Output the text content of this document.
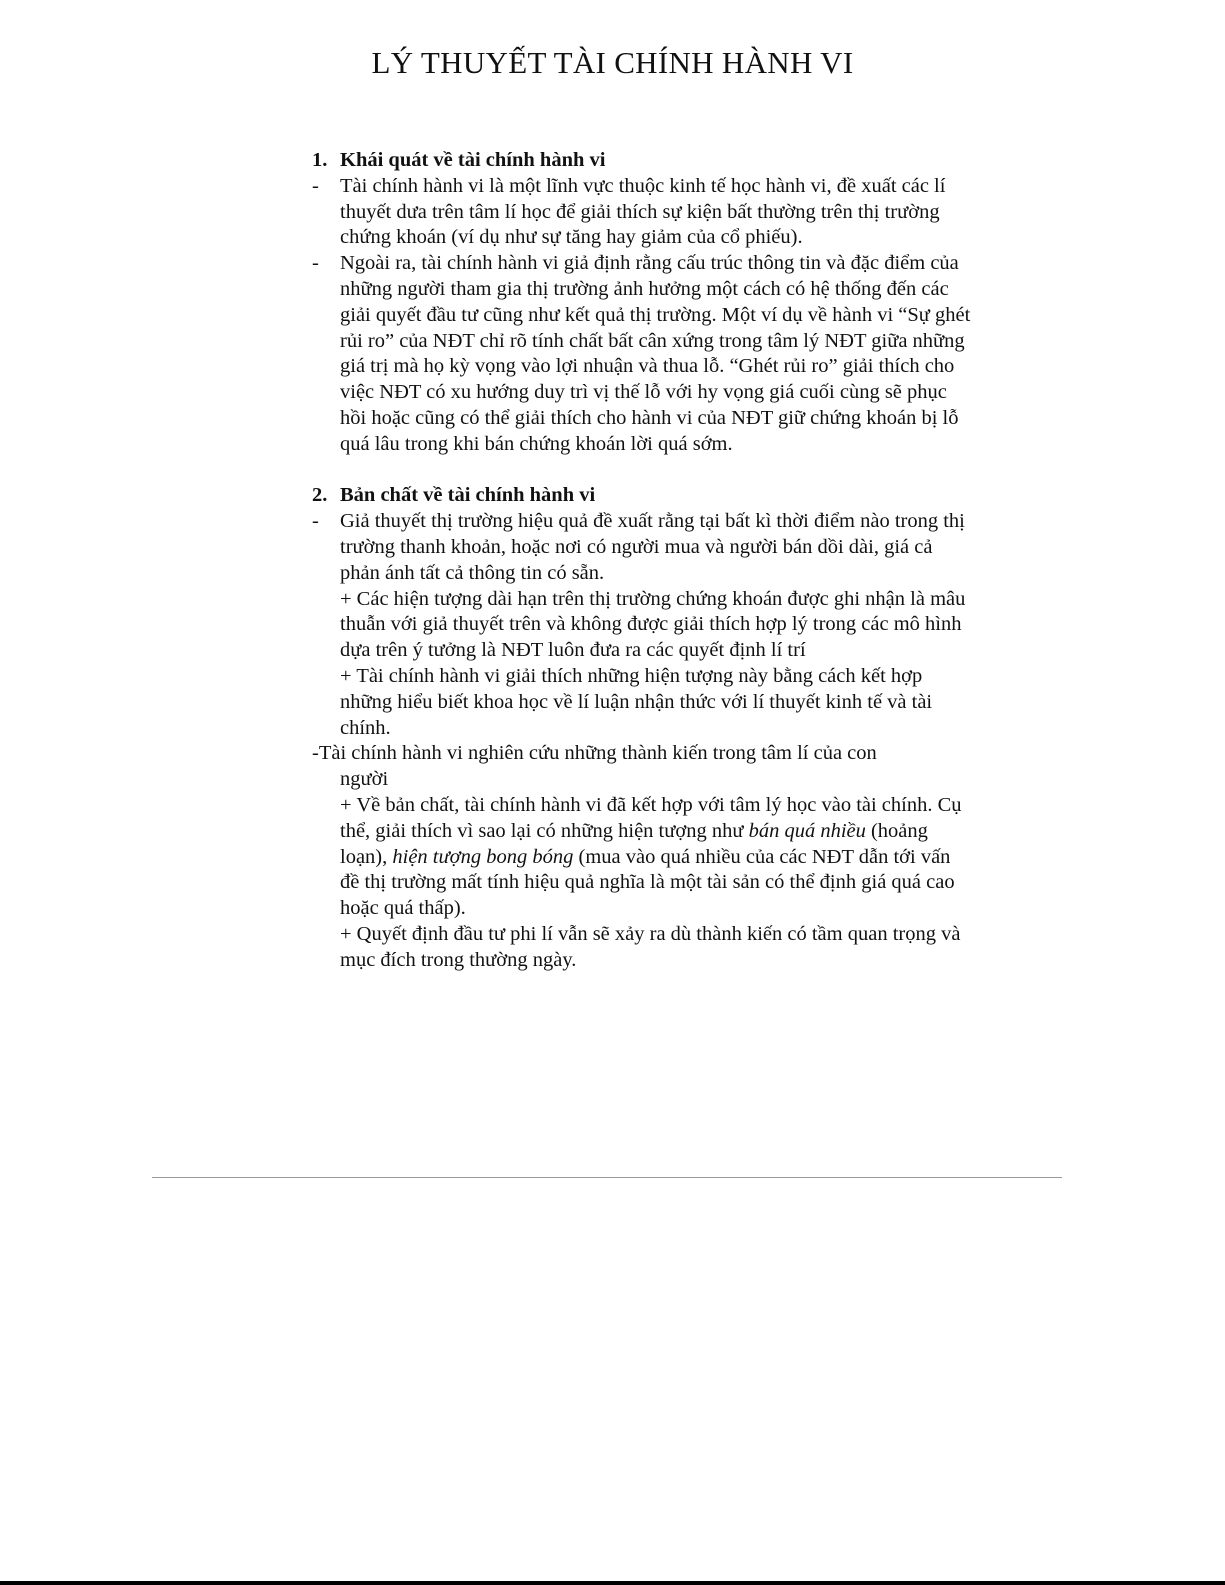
LÝ THUYẾT TÀI CHÍNH HÀNH VI
1. Khái quát về tài chính hành vi
-	Tài chính hành vi là một lĩnh vực thuộc kinh tế học hành vi, đề xuất các lí thuyết dưa trên tâm lí học để giải thích sự kiện bất thường trên thị trường chứng khoán (ví dụ như sự tăng hay giảm của cổ phiếu).
-	Ngoài ra, tài chính hành vi giả định rằng cấu trúc thông tin và đặc điểm của những người tham gia thị trường ảnh hưởng một cách có hệ thống đến các giải quyết đầu tư cũng như kết quả thị trường. Một ví dụ về hành vi “Sự ghét rủi ro” của NĐT chỉ rõ tính chất bất cân xứng trong tâm lý NĐT giữa những giá trị mà họ kỳ vọng vào lợi nhuận và thua lỗ. “Ghét rủi ro” giải thích cho việc NĐT có xu hướng duy trì vị thế lỗ với hy vọng giá cuối cùng sẽ phục hồi hoặc cũng có thể giải thích cho hành vi của NĐT giữ chứng khoán bị lỗ quá lâu trong khi bán chứng khoán lời quá sớm.
2. Bản chất về tài chính hành vi
-	Giả thuyết thị trường hiệu quả đề xuất rằng tại bất kì thời điểm nào trong thị trường thanh khoản, hoặc nơi có người mua và người bán dồi dài, giá cả phản ánh tất cả thông tin có sẵn.
+ Các hiện tượng dài hạn trên thị trường chứng khoán được ghi nhận là mâu thuẫn với giả thuyết trên và không được giải thích hợp lý trong các mô hình dựa trên ý tưởng là NĐT luôn đưa ra các quyết định lí trí
+ Tài chính hành vi giải thích những hiện tượng này bằng cách kết hợp những hiểu biết khoa học về lí luận nhận thức với lí thuyết kinh tế và tài chính.
-Tài chính hành vi nghiên cứu những thành kiến trong tâm lí của con
người
+ Về bản chất, tài chính hành vi đã kết hợp với tâm lý học vào tài chính. Cụ thể, giải thích vì sao lại có những hiện tượng như bán quá nhiều (hoảng loạn), hiện tượng bong bóng (mua vào quá nhiều của các NĐT dẫn tới vấn đề thị trường mất tính hiệu quả nghĩa là một tài sản có thể định giá quá cao hoặc quá thấp).
+ Quyết định đầu tư phi lí vẫn sẽ xảy ra dù thành kiến có tầm quan trọng và mục đích trong thường ngày.
